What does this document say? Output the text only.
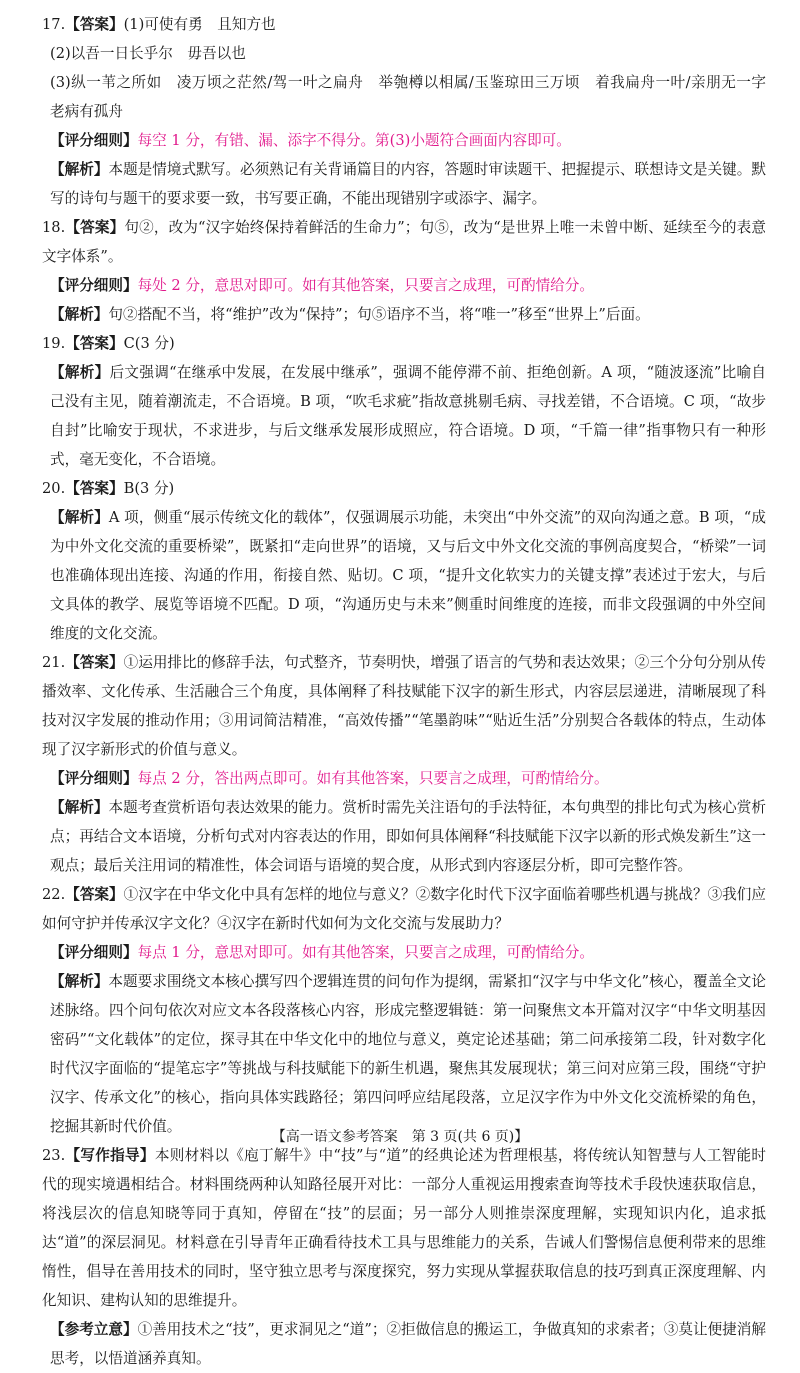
17.【答案】(1)可使有勇　且知方也

(2)以吾一日长乎尔　毋吾以也

(3)纵一苇之所如　凌万顷之茫然/驾一叶之扁舟　举匏樽以相属/玉鉴琼田三万顷　着我扁舟一叶/亲朋无一字　老病有孤舟

【评分细则】每空 1 分，有错、漏、添字不得分。第(3)小题符合画面内容即可。

【解析】本题是情境式默写。必须熟记有关背诵篇目的内容，答题时审读题干、把握提示、联想诗文是关键。默写的诗句与题干的要求要一致，书写要正确，不能出现错别字或添字、漏字。

18.【答案】句②，改为“汉字始终保持着鲜活的生命力”；句⑤，改为“是世界上唯一未曾中断、延续至今的表意文字体系”。

【评分细则】每处 2 分，意思对即可。如有其他答案，只要言之成理，可酌情给分。

【解析】句②搭配不当，将“维护”改为“保持”；句⑤语序不当，将“唯一”移至“世界上”后面。

19.【答案】C(3 分)

【解析】后文强调“在继承中发展，在发展中继承”，强调不能停滞不前、拒绝创新。A 项，“随波逐流”比喻自己没有主见，随着潮流走，不合语境。B 项，“吹毛求疵”指故意挑剔毛病、寻找差错，不合语境。C 项，“故步自封”比喻安于现状，不求进步，与后文继承发展形成照应，符合语境。D 项，“千篇一律”指事物只有一种形式，毫无变化，不合语境。

20.【答案】B(3 分)

【解析】A 项，侧重“展示传统文化的载体”，仅强调展示功能，未突出“中外交流”的双向沟通之意。B 项，“成为中外文化交流的重要桥梁”，既紧扣“走向世界”的语境，又与后文中外文化交流的事例高度契合，“桥梁”一词也准确体现出连接、沟通的作用，衔接自然、贴切。C 项，“提升文化软实力的关键支撑”表述过于宏大，与后文具体的教学、展览等语境不匹配。D 项，“沟通历史与未来”侧重时间维度的连接，而非文段强调的中外空间维度的文化交流。

21.【答案】①运用排比的修辞手法，句式整齐，节奏明快，增强了语言的气势和表达效果；②三个分句分别从传播效率、文化传承、生活融合三个角度，具体阐释了科技赋能下汉字的新生形式，内容层层递进，清晰展现了科技对汉字发展的推动作用；③用词简洁精准，“高效传播”“笔墨韵味”“贴近生活”分别契合各载体的特点，生动体现了汉字新形式的价值与意义。

【评分细则】每点 2 分，答出两点即可。如有其他答案，只要言之成理，可酌情给分。

【解析】本题考查赏析语句表达效果的能力。赏析时需先关注语句的手法特征，本句典型的排比句式为核心赏析点；再结合文本语境，分析句式对内容表达的作用，即如何具体阐释“科技赋能下汉字以新的形式焕发新生”这一观点；最后关注用词的精准性，体会词语与语境的契合度，从形式到内容逐层分析，即可完整作答。

22.【答案】①汉字在中华文化中具有怎样的地位与意义？②数字化时代下汉字面临着哪些机遇与挑战？③我们应如何守护并传承汉字文化？④汉字在新时代如何为文化交流与发展助力？

【评分细则】每点 1 分，意思对即可。如有其他答案，只要言之成理，可酌情给分。

【解析】本题要求围绕文本核心撰写四个逻辑连贯的问句作为提纲，需紧扣“汉字与中华文化”核心，覆盖全文论述脉络。四个问句依次对应文本各段落核心内容，形成完整逻辑链：第一问聚焦文本开篇对汉字“中华文明基因密码”“文化载体”的定位，探寻其在中华文化中的地位与意义，奠定论述基础；第二问承接第二段，针对数字化时代汉字面临的“提笔忘字”等挑战与科技赋能下的新生机遇，聚焦其发展现状；第三问对应第三段，围绕“守护汉字、传承文化”的核心，指向具体实践路径；第四问呼应结尾段落，立足汉字作为中外文化交流桥梁的角色，挖掘其新时代价值。

23.【写作指导】本则材料以《庖丁解牛》中“技”与“道”的经典论述为哲理根基，将传统认知智慧与人工智能时代的现实境遇相结合。材料围绕两种认知路径展开对比：一部分人重视运用搜索查询等技术手段快速获取信息，将浅层次的信息知晓等同于真知，停留在“技”的层面；另一部分人则推崇深度理解，实现知识内化，追求抵达“道”的深层洞见。材料意在引导青年正确看待技术工具与思维能力的关系，告诫人们警惕信息便利带来的思维惰性，倡导在善用技术的同时，坚守独立思考与深度探究，努力实现从掌握获取信息的技巧到真正深度理解、内化知识、建构认知的思维提升。

【参考立意】①善用技术之“技”，更求洞见之“道”；②拒做信息的搬运工，争做真知的求索者；③莫让便捷消解思考，以悟道涵养真知。

【高一语文参考答案　第 3 页(共 6 页)】
